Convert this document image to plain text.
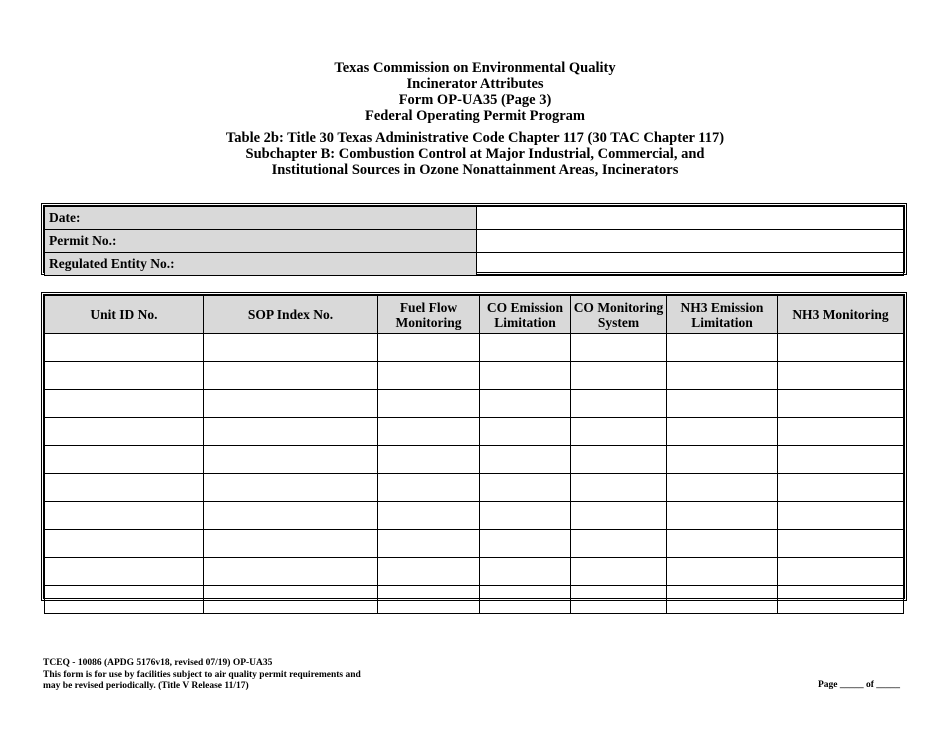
Texas Commission on Environmental Quality
Incinerator Attributes
Form OP-UA35 (Page 3)
Federal Operating Permit Program
Table 2b: Title 30 Texas Administrative Code Chapter 117 (30 TAC Chapter 117)
Subchapter B: Combustion Control at Major Industrial, Commercial, and
Institutional Sources in Ozone Nonattainment Areas, Incinerators
Date:	
Permit No.:	
Regulated Entity No.:	
Unit ID No.	SOP Index No.	Fuel Flow Monitoring	CO Emission Limitation	CO Monitoring System	NH3 Emission Limitation	NH3 Monitoring

TCEQ - 10086 (APDG 5176v18, revised 07/19) OP-UA35
This form is for use by facilities subject to air quality permit requirements and
may be revised periodically. (Title V Release 11/17)	Page _____ of _____
